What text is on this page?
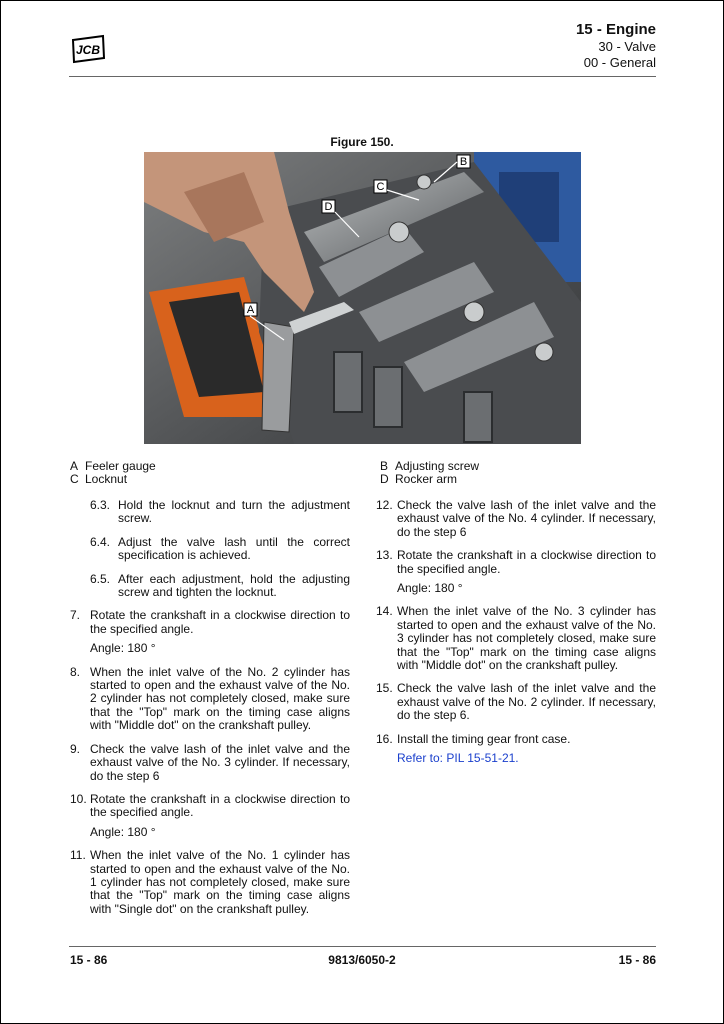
JCB
15 - Engine
30 - Valve
00 - General
Figure 150.
A
B
C
D
A Feeler gauge
C Locknut
B Adjusting screw
D Rocker arm
6.3. Hold the locknut and turn the adjustment screw.
6.4. Adjust the valve lash until the correct specification is achieved.
6.5. After each adjustment, hold the adjusting screw and tighten the locknut.
7. Rotate the crankshaft in a clockwise direction to the specified angle.
Angle: 180 °
8. When the inlet valve of the No. 2 cylinder has started to open and the exhaust valve of the No. 2 cylinder has not completely closed, make sure that the "Top" mark on the timing case aligns with "Middle dot" on the crankshaft pulley.
9. Check the valve lash of the inlet valve and the exhaust valve of the No. 3 cylinder. If necessary, do the step 6
10. Rotate the crankshaft in a clockwise direction to the specified angle.
Angle: 180 °
11. When the inlet valve of the No. 1 cylinder has started to open and the exhaust valve of the No. 1 cylinder has not completely closed, make sure that the "Top" mark on the timing case aligns with "Single dot" on the crankshaft pulley.
12. Check the valve lash of the inlet valve and the exhaust valve of the No. 4 cylinder. If necessary, do the step 6
13. Rotate the crankshaft in a clockwise direction to the specified angle.
Angle: 180 °
14. When the inlet valve of the No. 3 cylinder has started to open and the exhaust valve of the No. 3 cylinder has not completely closed, make sure that the "Top" mark on the timing case aligns with "Middle dot" on the crankshaft pulley.
15. Check the valve lash of the inlet valve and the exhaust valve of the No. 2 cylinder. If necessary, do the step 6.
16. Install the timing gear front case.
Refer to: PIL 15-51-21.
15 - 86	9813/6050-2	15 - 86
